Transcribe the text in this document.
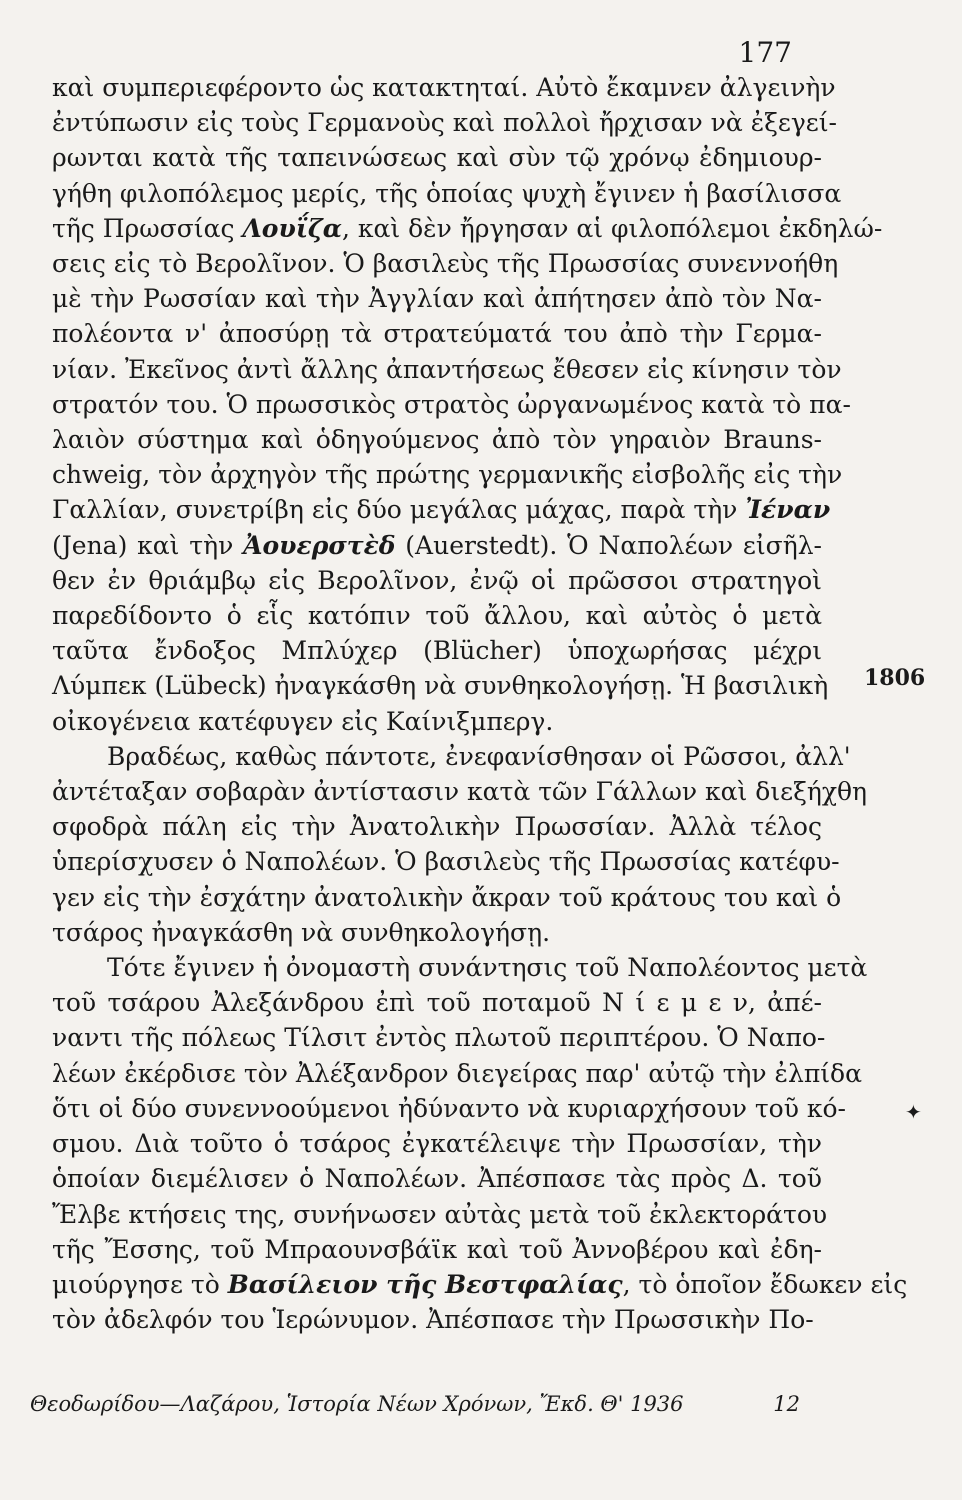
177
καὶ συμπεριεφέροντο ὡς κατακτηταί. Αὐτὸ ἔκαμνεν ἀλγεινὴν
ἐντύπωσιν εἰς τοὺς Γερμανοὺς καὶ πολλοὶ ἤρχισαν νὰ ἐξεγεί-
ρωνται κατὰ τῆς ταπεινώσεως καὶ σὺν τῷ χρόνῳ ἐδημιουρ-
γήθη φιλοπόλεμος μερίς, τῆς ὁποίας ψυχὴ ἔγινεν ἡ βασίλισσα
τῆς Πρωσσίας Λουΐζα, καὶ δὲν ἤργησαν αἱ φιλοπόλεμοι ἐκδηλώ-
σεις εἰς τὸ Βερολῖνον. Ὁ βασιλεὺς τῆς Πρωσσίας συνεννοήθη
μὲ τὴν Ρωσσίαν καὶ τὴν Ἀγγλίαν καὶ ἀπήτησεν ἀπὸ τὸν Να-
πολέοντα ν' ἀποσύρῃ τὰ στρατεύματά του ἀπὸ τὴν Γερμα-
νίαν. Ἐκεῖνος ἀντὶ ἄλλης ἀπαντήσεως ἔθεσεν εἰς κίνησιν τὸν
στρατόν του. Ὁ πρωσσικὸς στρατὸς ὠργανωμένος κατὰ τὸ πα-
λαιὸν σύστημα καὶ ὁδηγούμενος ἀπὸ τὸν γηραιὸν Brauns-
chweig, τὸν ἀρχηγὸν τῆς πρώτης γερμανικῆς εἰσβολῆς εἰς τὴν
Γαλλίαν, συνετρίβη εἰς δύο μεγάλας μάχας, παρὰ τὴν Ἰέναν
(Jena) καὶ τὴν Ἀουερστὲδ (Auerstedt). Ὁ Ναπολέων εἰσῆλ-
θεν ἐν θριάμβῳ εἰς Βερολῖνον, ἐνῷ οἱ πρῶσσοι στρατηγοὶ
παρεδίδοντο ὁ εἷς κατόπιν τοῦ ἄλλου, καὶ αὐτὸς ὁ μετὰ
ταῦτα ἔνδοξος Μπλύχερ (Blücher) ὑποχωρήσας μέχρι
Λύμπεκ (Lübeck) ἠναγκάσθη νὰ συνθηκολογήσῃ. Ἡ βασιλικὴ
οἰκογένεια κατέφυγεν εἰς Καίνιξμπεργ.
Βραδέως, καθὼς πάντοτε, ἐνεφανίσθησαν οἱ Ρῶσσοι, ἀλλ'
ἀντέταξαν σοβαρὰν ἀντίστασιν κατὰ τῶν Γάλλων καὶ διεξήχθη
σφοδρὰ πάλη εἰς τὴν Ἀνατολικὴν Πρωσσίαν. Ἀλλὰ τέλος
ὑπερίσχυσεν ὁ Ναπολέων. Ὁ βασιλεὺς τῆς Πρωσσίας κατέφυ-
γεν εἰς τὴν ἐσχάτην ἀνατολικὴν ἄκραν τοῦ κράτους του καὶ ὁ
τσάρος ἠναγκάσθη νὰ συνθηκολογήσῃ.
Τότε ἔγινεν ἡ ὀνομαστὴ συνάντησις τοῦ Ναπολέοντος μετὰ
τοῦ τσάρου Ἀλεξάνδρου ἐπὶ τοῦ ποταμοῦ Ν ί ε μ ε ν, ἀπέ-
ναντι τῆς πόλεως Τίλσιτ ἐντὸς πλωτοῦ περιπτέρου. Ὁ Ναπο-
λέων ἐκέρδισε τὸν Ἀλέξανδρον διεγείρας παρ' αὐτῷ τὴν ἐλπίδα
ὅτι οἱ δύο συνεννοούμενοι ἠδύναντο νὰ κυριαρχήσουν τοῦ κό-
σμου. Διὰ τοῦτο ὁ τσάρος ἐγκατέλειψε τὴν Πρωσσίαν, τὴν
ὁποίαν διεμέλισεν ὁ Ναπολέων. Ἀπέσπασε τὰς πρὸς Δ. τοῦ
Ἔλβε κτήσεις της, συνήνωσεν αὐτὰς μετὰ τοῦ ἐκλεκτοράτου
τῆς Ἔσσης, τοῦ Μπραουνσβάϊκ καὶ τοῦ Ἀννοβέρου καὶ ἐδη-
μιούργησε τὸ Βασίλειον τῆς Βεστφαλίας, τὸ ὁποῖον ἔδωκεν εἰς
τὸν ἀδελφόν του Ἱερώνυμον. Ἀπέσπασε τὴν Πρωσσικὴν Πο-
1806
Θεοδωρίδου—Λαζάρου, Ἱστορία Νέων Χρόνων, Ἔκδ. Θ' 1936	12
✦
